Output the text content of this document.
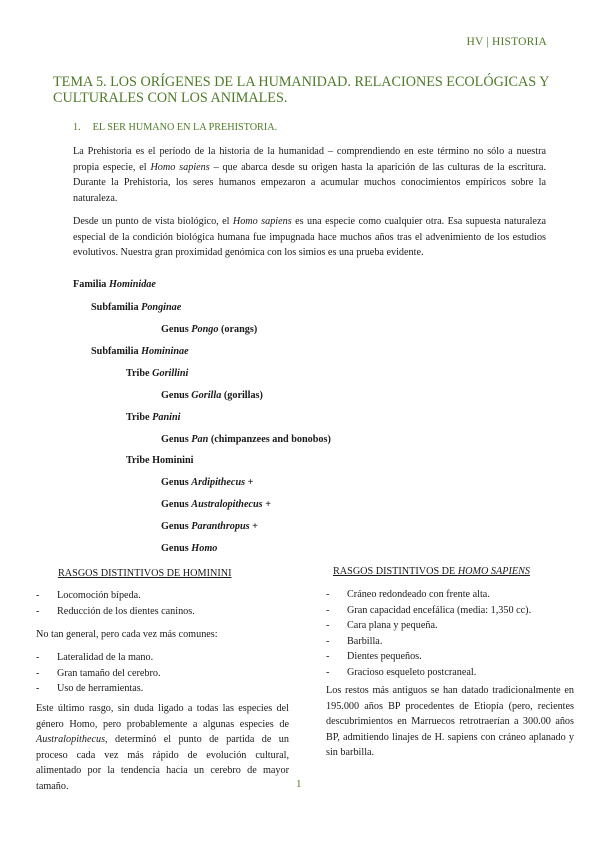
HV | HISTORIA
TEMA 5. LOS ORÍGENES DE LA HUMANIDAD. RELACIONES ECOLÓGICAS Y CULTURALES CON LOS ANIMALES.
1. EL SER HUMANO EN LA PREHISTORIA.

La Prehistoria es el período de la historia de la humanidad – comprendiendo en este término no sólo a nuestra propia especie, el Homo sapiens – que abarca desde su origen hasta la aparición de las culturas de la escritura. Durante la Prehistoria, los seres humanos empezaron a acumular muchos conocimientos empíricos sobre la naturaleza.

Desde un punto de vista biológico, el Homo sapiens es una especie como cualquier otra. Esa supuesta naturaleza especial de la condición biológica humana fue impugnada hace muchos años tras el advenimiento de los estudios evolutivos. Nuestra gran proximidad genómica con los simios es una prueba evidente.

Familia Hominidae
Subfamilia Ponginae
Genus Pongo (orangs)
Subfamilia Homininae
Tribe Gorillini
Genus Gorilla (gorillas)
Tribe Panini
Genus Pan (chimpanzees and bonobos)
Tribe Hominini
Genus Ardipithecus +
Genus Australopithecus +
Genus Paranthropus +
Genus Homo
RASGOS DISTINTIVOS DE HOMININI
- Locomoción bípeda.
- Reducción de los dientes caninos.

No tan general, pero cada vez más comunes:

- Lateralidad de la mano.
- Gran tamaño del cerebro.
- Uso de herramientas.

Este último rasgo, sin duda ligado a todas las especies del género Homo, pero probablemente a algunas especies de Australopithecus, determinó el punto de partida de un proceso cada vez más rápido de evolución cultural, alimentado por la tendencia hacia un cerebro de mayor tamaño.

RASGOS DISTINTIVOS DE HOMO SAPIENS
- Cráneo redondeado con frente alta.
- Gran capacidad encefálica (media: 1,350 cc).
- Cara plana y pequeña.
- Barbilla.
- Dientes pequeños.
- Gracioso esqueleto postcraneal.

Los restos más antiguos se han datado tradicionalmente en 195.000 años BP procedentes de Etiopía (pero, recientes descubrimientos en Marruecos retrotraerían a 300.00 años BP, admitiendo linajes de H. sapiens con cráneo aplanado y sin barbilla.

1
